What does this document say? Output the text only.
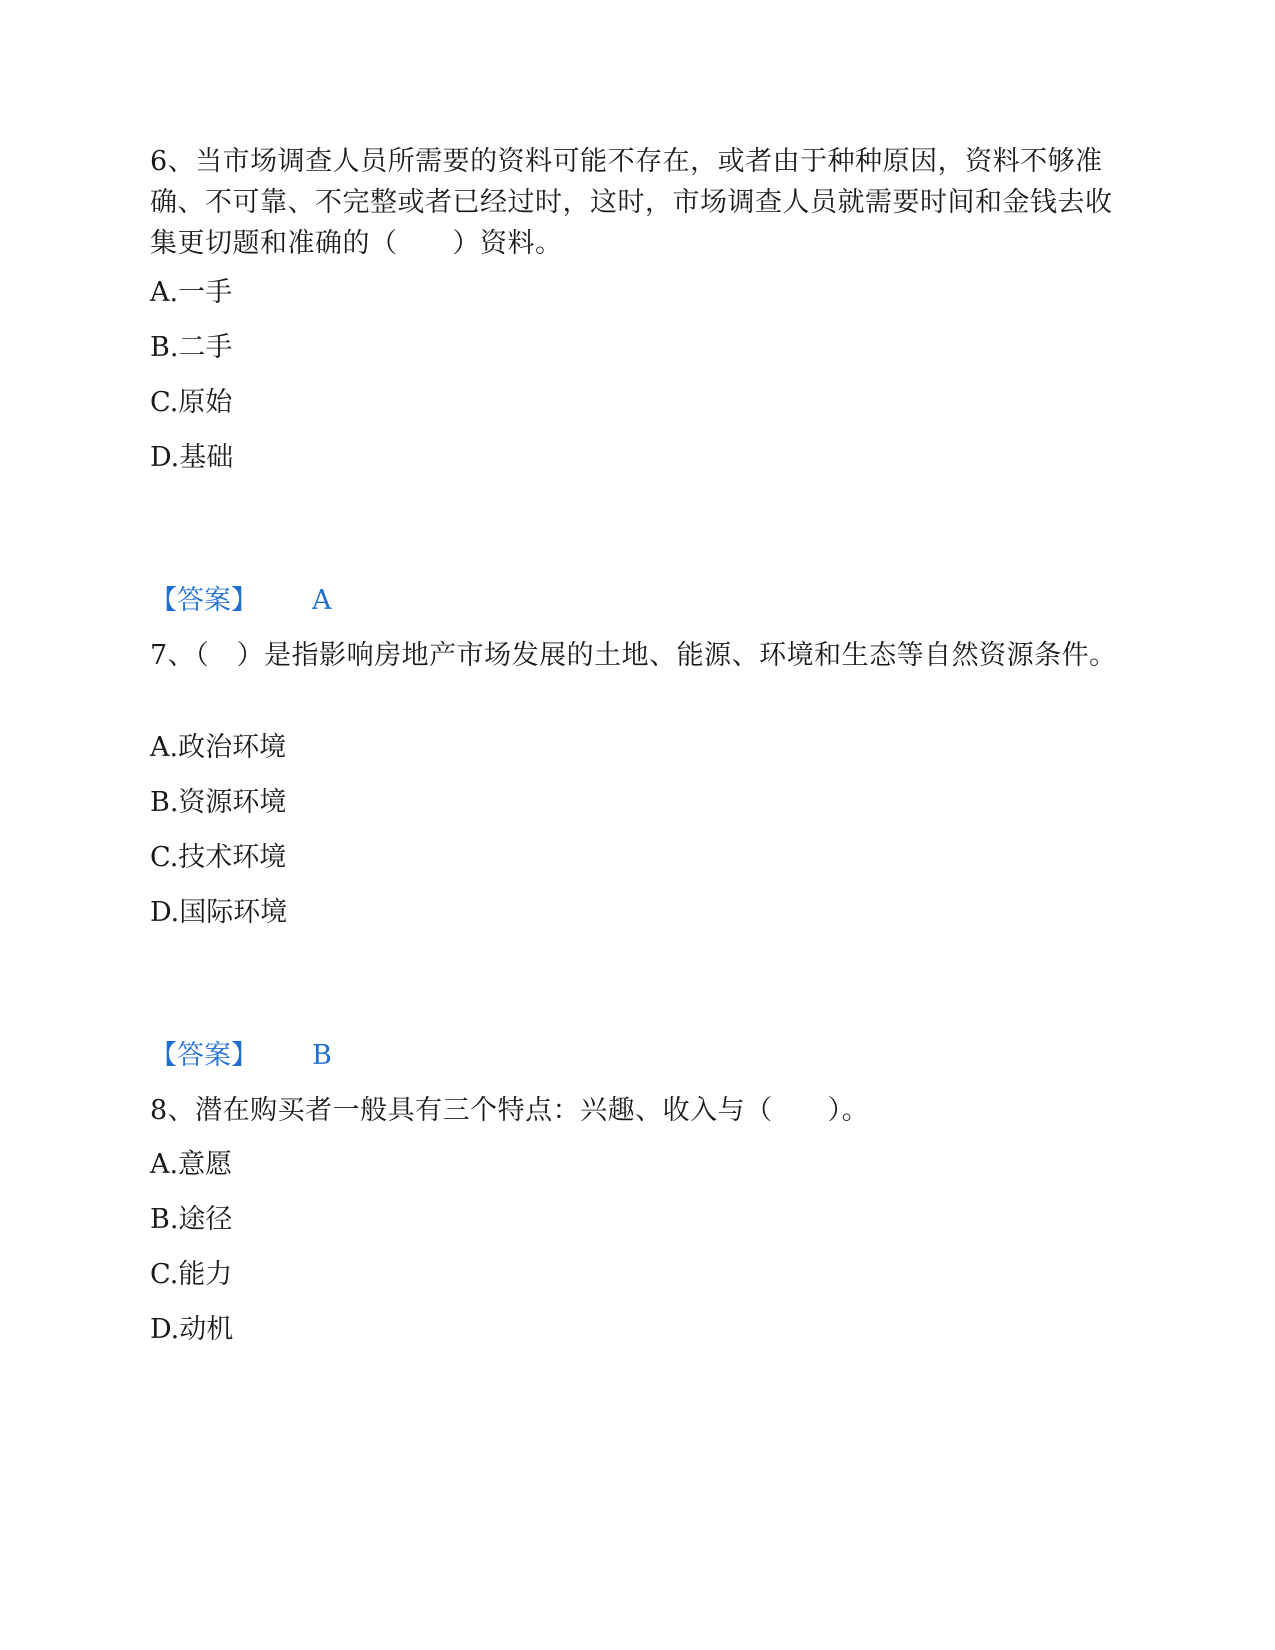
6、当市场调查人员所需要的资料可能不存在，或者由于种种原因，资料不够准确、不可靠、不完整或者已经过时，这时，市场调查人员就需要时间和金钱去收集更切题和准确的（　　）资料。
A.一手
B.二手
C.原始
D.基础
【答案】 A
7、（　）是指影响房地产市场发展的土地、能源、环境和生态等自然资源条件。
A.政治环境
B.资源环境
C.技术环境
D.国际环境
【答案】 B
8、潜在购买者一般具有三个特点：兴趣、收入与（　　）。
A.意愿
B.途径
C.能力
D.动机
